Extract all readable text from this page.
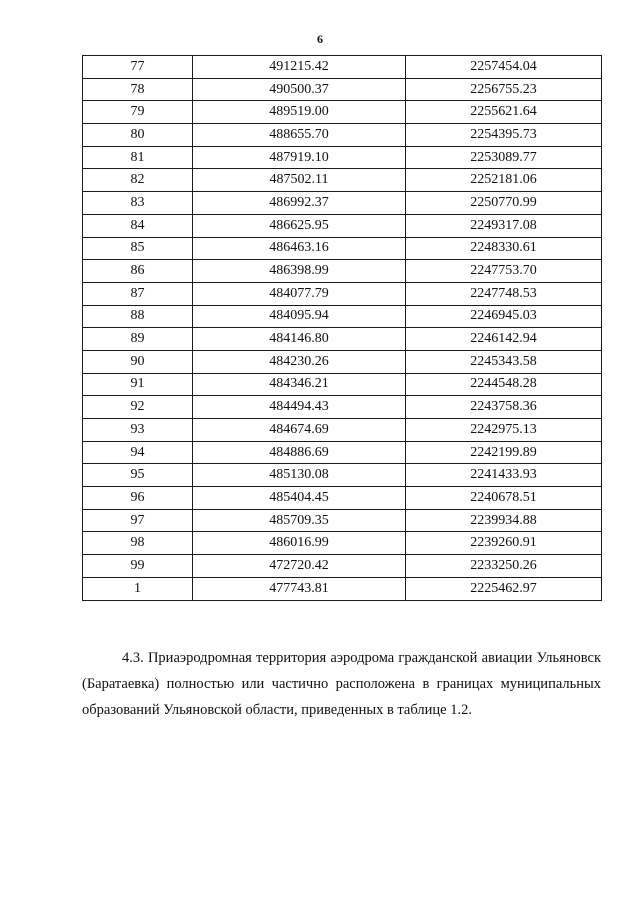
6
77	491215.42	2257454.04
78	490500.37	2256755.23
79	489519.00	2255621.64
80	488655.70	2254395.73
81	487919.10	2253089.77
82	487502.11	2252181.06
83	486992.37	2250770.99
84	486625.95	2249317.08
85	486463.16	2248330.61
86	486398.99	2247753.70
87	484077.79	2247748.53
88	484095.94	2246945.03
89	484146.80	2246142.94
90	484230.26	2245343.58
91	484346.21	2244548.28
92	484494.43	2243758.36
93	484674.69	2242975.13
94	484886.69	2242199.89
95	485130.08	2241433.93
96	485404.45	2240678.51
97	485709.35	2239934.88
98	486016.99	2239260.91
99	472720.42	2233250.26
1	477743.81	2225462.97

4.3. Приаэродромная территория аэродрома гражданской авиации Ульяновск (Баратаевка) полностью или частично расположена в границах муниципальных образований Ульяновской области, приведенных в таблице 1.2.
